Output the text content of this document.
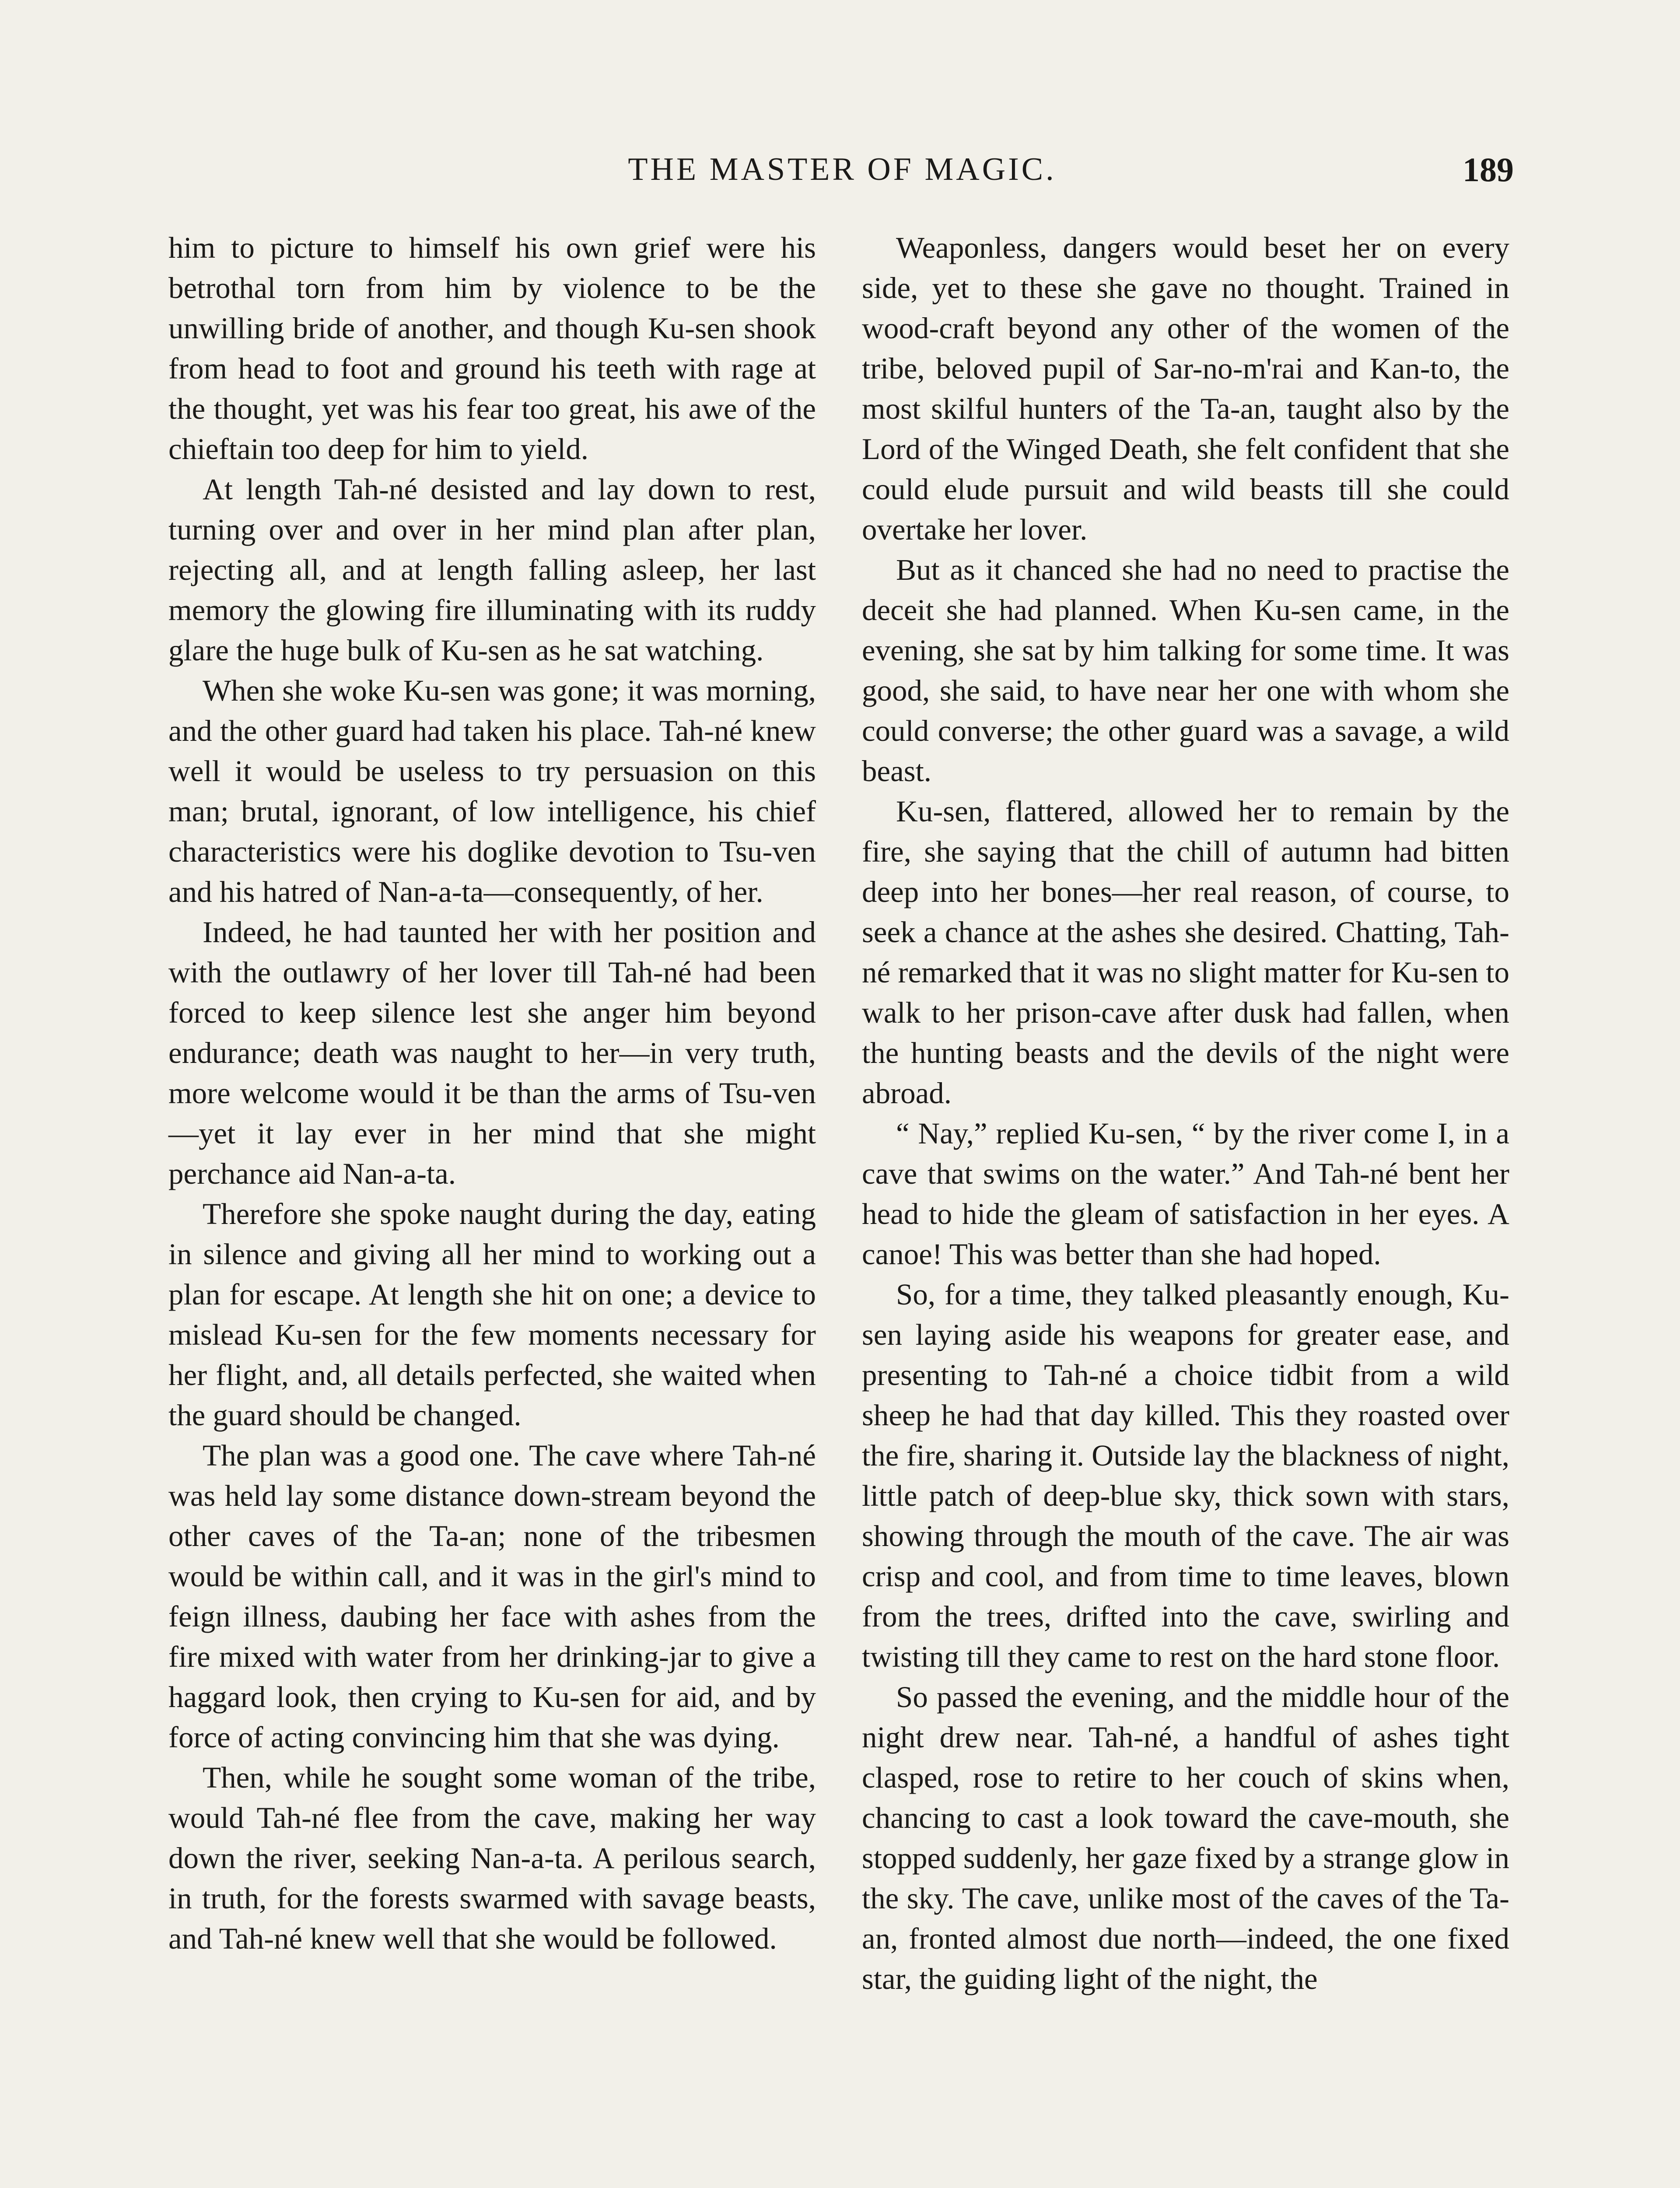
THE MASTER OF MAGIC.	189

him to picture to himself his own grief were his betrothal torn from him by violence to be the unwilling bride of another, and though Ku-sen shook from head to foot and ground his teeth with rage at the thought, yet was his fear too great, his awe of the chieftain too deep for him to yield.

At length Tah-né desisted and lay down to rest, turning over and over in her mind plan after plan, rejecting all, and at length falling asleep, her last memory the glowing fire illuminating with its ruddy glare the huge bulk of Ku-sen as he sat watching.

When she woke Ku-sen was gone; it was morning, and the other guard had taken his place. Tah-né knew well it would be useless to try persuasion on this man; brutal, ignorant, of low intelligence, his chief characteristics were his doglike devotion to Tsu-ven and his hatred of Nan-a-ta—consequently, of her.

Indeed, he had taunted her with her position and with the outlawry of her lover till Tah-né had been forced to keep silence lest she anger him beyond endurance; death was naught to her—in very truth, more welcome would it be than the arms of Tsu-ven—yet it lay ever in her mind that she might perchance aid Nan-a-ta.

Therefore she spoke naught during the day, eating in silence and giving all her mind to working out a plan for escape. At length she hit on one; a device to mislead Ku-sen for the few moments necessary for her flight, and, all details perfected, she waited when the guard should be changed.

The plan was a good one. The cave where Tah-né was held lay some distance down-stream beyond the other caves of the Ta-an; none of the tribesmen would be within call, and it was in the girl's mind to feign illness, daubing her face with ashes from the fire mixed with water from her drinking-jar to give a haggard look, then crying to Ku-sen for aid, and by force of acting convincing him that she was dying.

Then, while he sought some woman of the tribe, would Tah-né flee from the cave, making her way down the river, seeking Nan-a-ta. A perilous search, in truth, for the forests swarmed with savage beasts, and Tah-né knew well that she would be followed.

Weaponless, dangers would beset her on every side, yet to these she gave no thought. Trained in wood-craft beyond any other of the women of the tribe, beloved pupil of Sar-no-m'rai and Kan-to, the most skilful hunters of the Ta-an, taught also by the Lord of the Winged Death, she felt confident that she could elude pursuit and wild beasts till she could overtake her lover.

But as it chanced she had no need to practise the deceit she had planned. When Ku-sen came, in the evening, she sat by him talking for some time. It was good, she said, to have near her one with whom she could converse; the other guard was a savage, a wild beast.

Ku-sen, flattered, allowed her to remain by the fire, she saying that the chill of autumn had bitten deep into her bones—her real reason, of course, to seek a chance at the ashes she desired. Chatting, Tah-né remarked that it was no slight matter for Ku-sen to walk to her prison-cave after dusk had fallen, when the hunting beasts and the devils of the night were abroad.

“ Nay,” replied Ku-sen, “ by the river come I, in a cave that swims on the water.” And Tah-né bent her head to hide the gleam of satisfaction in her eyes. A canoe! This was better than she had hoped.

So, for a time, they talked pleasantly enough, Ku-sen laying aside his weapons for greater ease, and presenting to Tah-né a choice tidbit from a wild sheep he had that day killed. This they roasted over the fire, sharing it. Outside lay the blackness of night, little patch of deep-blue sky, thick sown with stars, showing through the mouth of the cave. The air was crisp and cool, and from time to time leaves, blown from the trees, drifted into the cave, swirling and twisting till they came to rest on the hard stone floor.

So passed the evening, and the middle hour of the night drew near. Tah-né, a handful of ashes tight clasped, rose to retire to her couch of skins when, chancing to cast a look toward the cave-mouth, she stopped suddenly, her gaze fixed by a strange glow in the sky. The cave, unlike most of the caves of the Ta-an, fronted almost due north—indeed, the one fixed star, the guiding light of the night, the
